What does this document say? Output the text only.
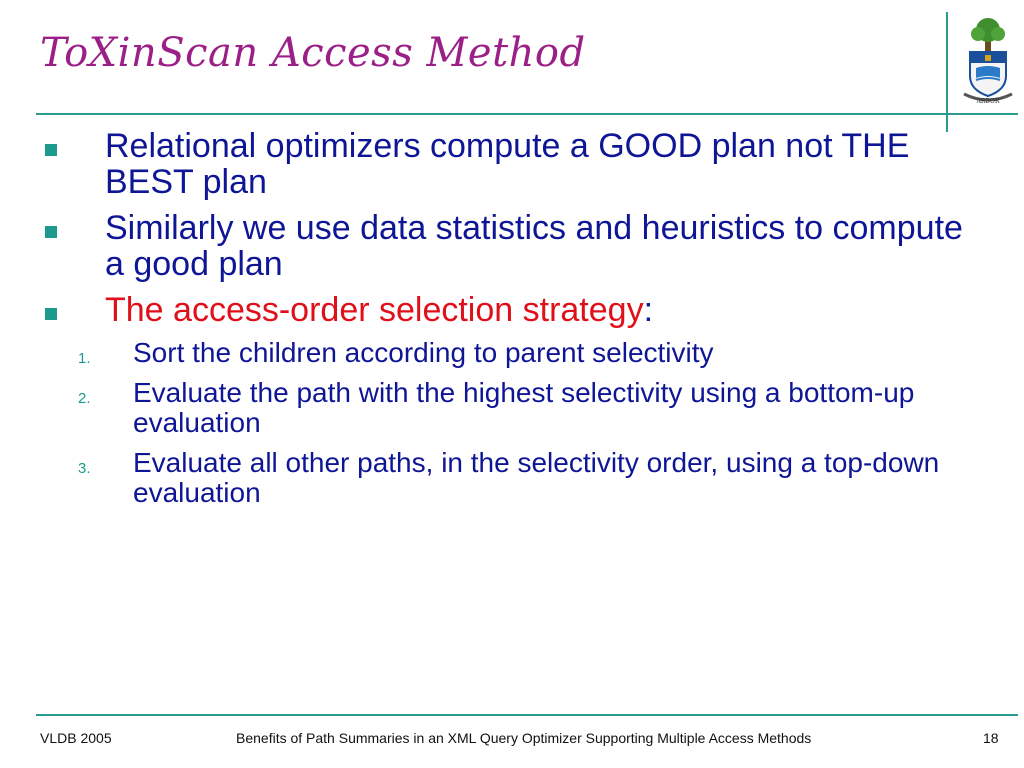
ToXinScan Access Method
ARBOR
Relational optimizers compute a GOOD plan not THE BEST plan
Similarly we use data statistics and heuristics to compute a good plan
The access-order selection strategy:
1. Sort the children according to parent selectivity
2. Evaluate the path with the highest selectivity using a bottom-up evaluation
3. Evaluate all other paths, in the selectivity order, using a top-down evaluation
VLDB 2005	Benefits of Path Summaries in an XML Query Optimizer Supporting Multiple Access Methods	18
